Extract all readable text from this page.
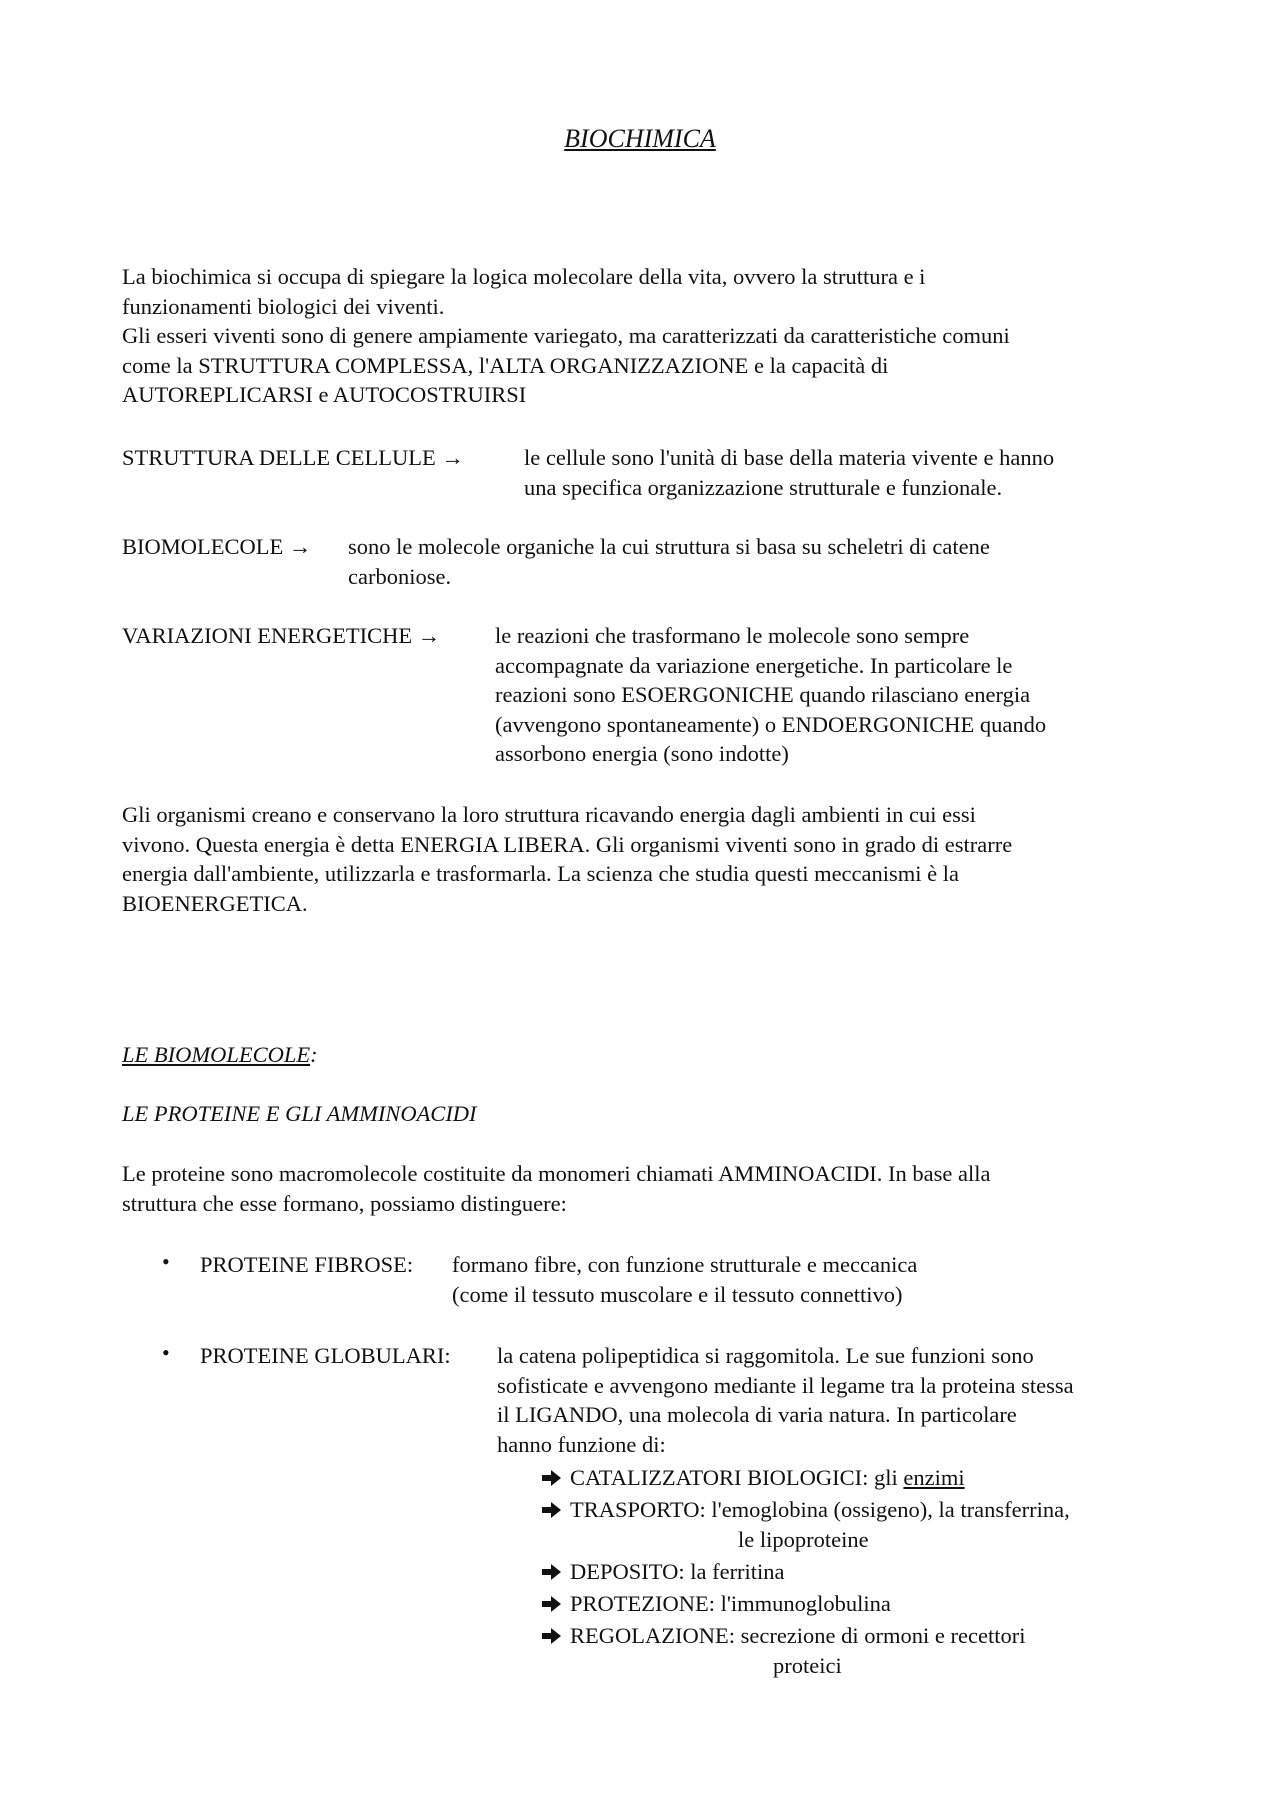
BIOCHIMICA
La biochimica si occupa di spiegare la logica molecolare della vita, ovvero la struttura e i
funzionamenti biologici dei viventi.
Gli esseri viventi sono di genere ampiamente variegato, ma caratterizzati da caratteristiche comuni
come la STRUTTURA COMPLESSA, l'ALTA ORGANIZZAZIONE e la capacità di
AUTOREPLICARSI e AUTOCOSTRUIRSI
STRUTTURA DELLE CELLULE →	le cellule sono l'unità di base della materia vivente e hanno
una specifica organizzazione strutturale e funzionale.
BIOMOLECOLE → sono le molecole organiche la cui struttura si basa su scheletri di catene
carboniose.
VARIAZIONI ENERGETICHE → le reazioni che trasformano le molecole sono sempre
accompagnate da variazione energetiche. In particolare le
reazioni sono ESOERGONICHE quando rilasciano energia
(avvengono spontaneamente) o ENDOERGONICHE quando
assorbono energia (sono indotte)
Gli organismi creano e conservano la loro struttura ricavando energia dagli ambienti in cui essi
vivono. Questa energia è detta ENERGIA LIBERA. Gli organismi viventi sono in grado di estrarre
energia dall'ambiente, utilizzarla e trasformarla. La scienza che studia questi meccanismi è la
BIOENERGETICA.
LE BIOMOLECOLE:
LE PROTEINE E GLI AMMINOACIDI
Le proteine sono macromolecole costituite da monomeri chiamati AMMINOACIDI. In base alla
struttura che esse formano, possiamo distinguere:
• PROTEINE FIBROSE: formano fibre, con funzione strutturale e meccanica
(come il tessuto muscolare e il tessuto connettivo)
• PROTEINE GLOBULARI: la catena polipeptidica si raggomitola. Le sue funzioni sono
sofisticate e avvengono mediante il legame tra la proteina stessa
il LIGANDO, una molecola di varia natura. In particolare
hanno funzione di:
CATALIZZATORI BIOLOGICI: gli enzimi
TRASPORTO: l'emoglobina (ossigeno), la transferrina,
le lipoproteine
DEPOSITO: la ferritina
PROTEZIONE: l'immunoglobulina
REGOLAZIONE: secrezione di ormoni e recettori
proteici
